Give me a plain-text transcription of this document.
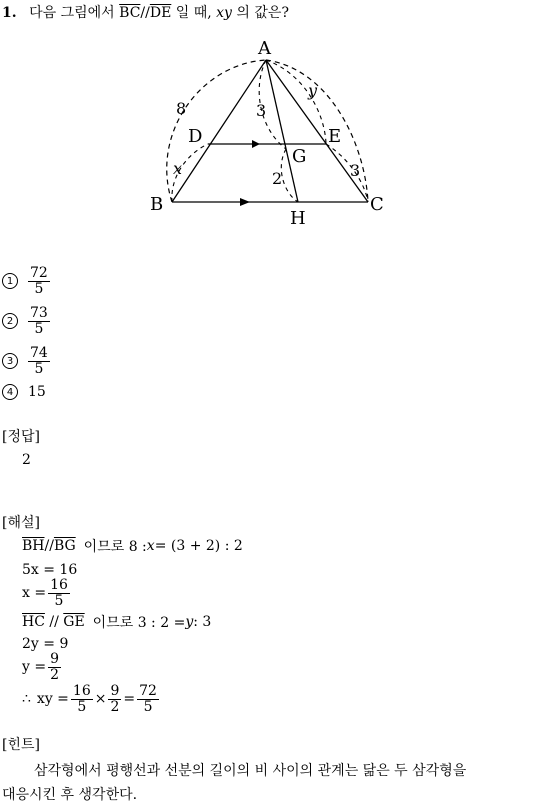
1. 다음 그림에서 $\overline{BC}//\overline{DE}$ 일 때, xy 의 값은?
A
B	C
D	E
G
H
8	3
y
x
2	3
1	$\frac{72}{5}$
2	$\frac{73}{5}$
3	$\frac{74}{5}$
4	15
[정답]
2
[해설]
$\overline{BH} // \overline{BG}$ 이므로 8 : x = (3 + 2) : 2
5x = 16
$x = \frac{16}{5}$
$\overline{HC} // \overline{GE}$ 이므로 3 : 2 = y : 3
2y = 9
$y = \frac{9}{2}$
∴ xy = $\frac{16}{5} \times \frac{9}{2} = \frac{72}{5}$
[힌트]
삼각형에서 평행선과 선분의 길이의 비 사이의 관계는 닮은 두 삼각형을
대응시킨 후 생각한다.
